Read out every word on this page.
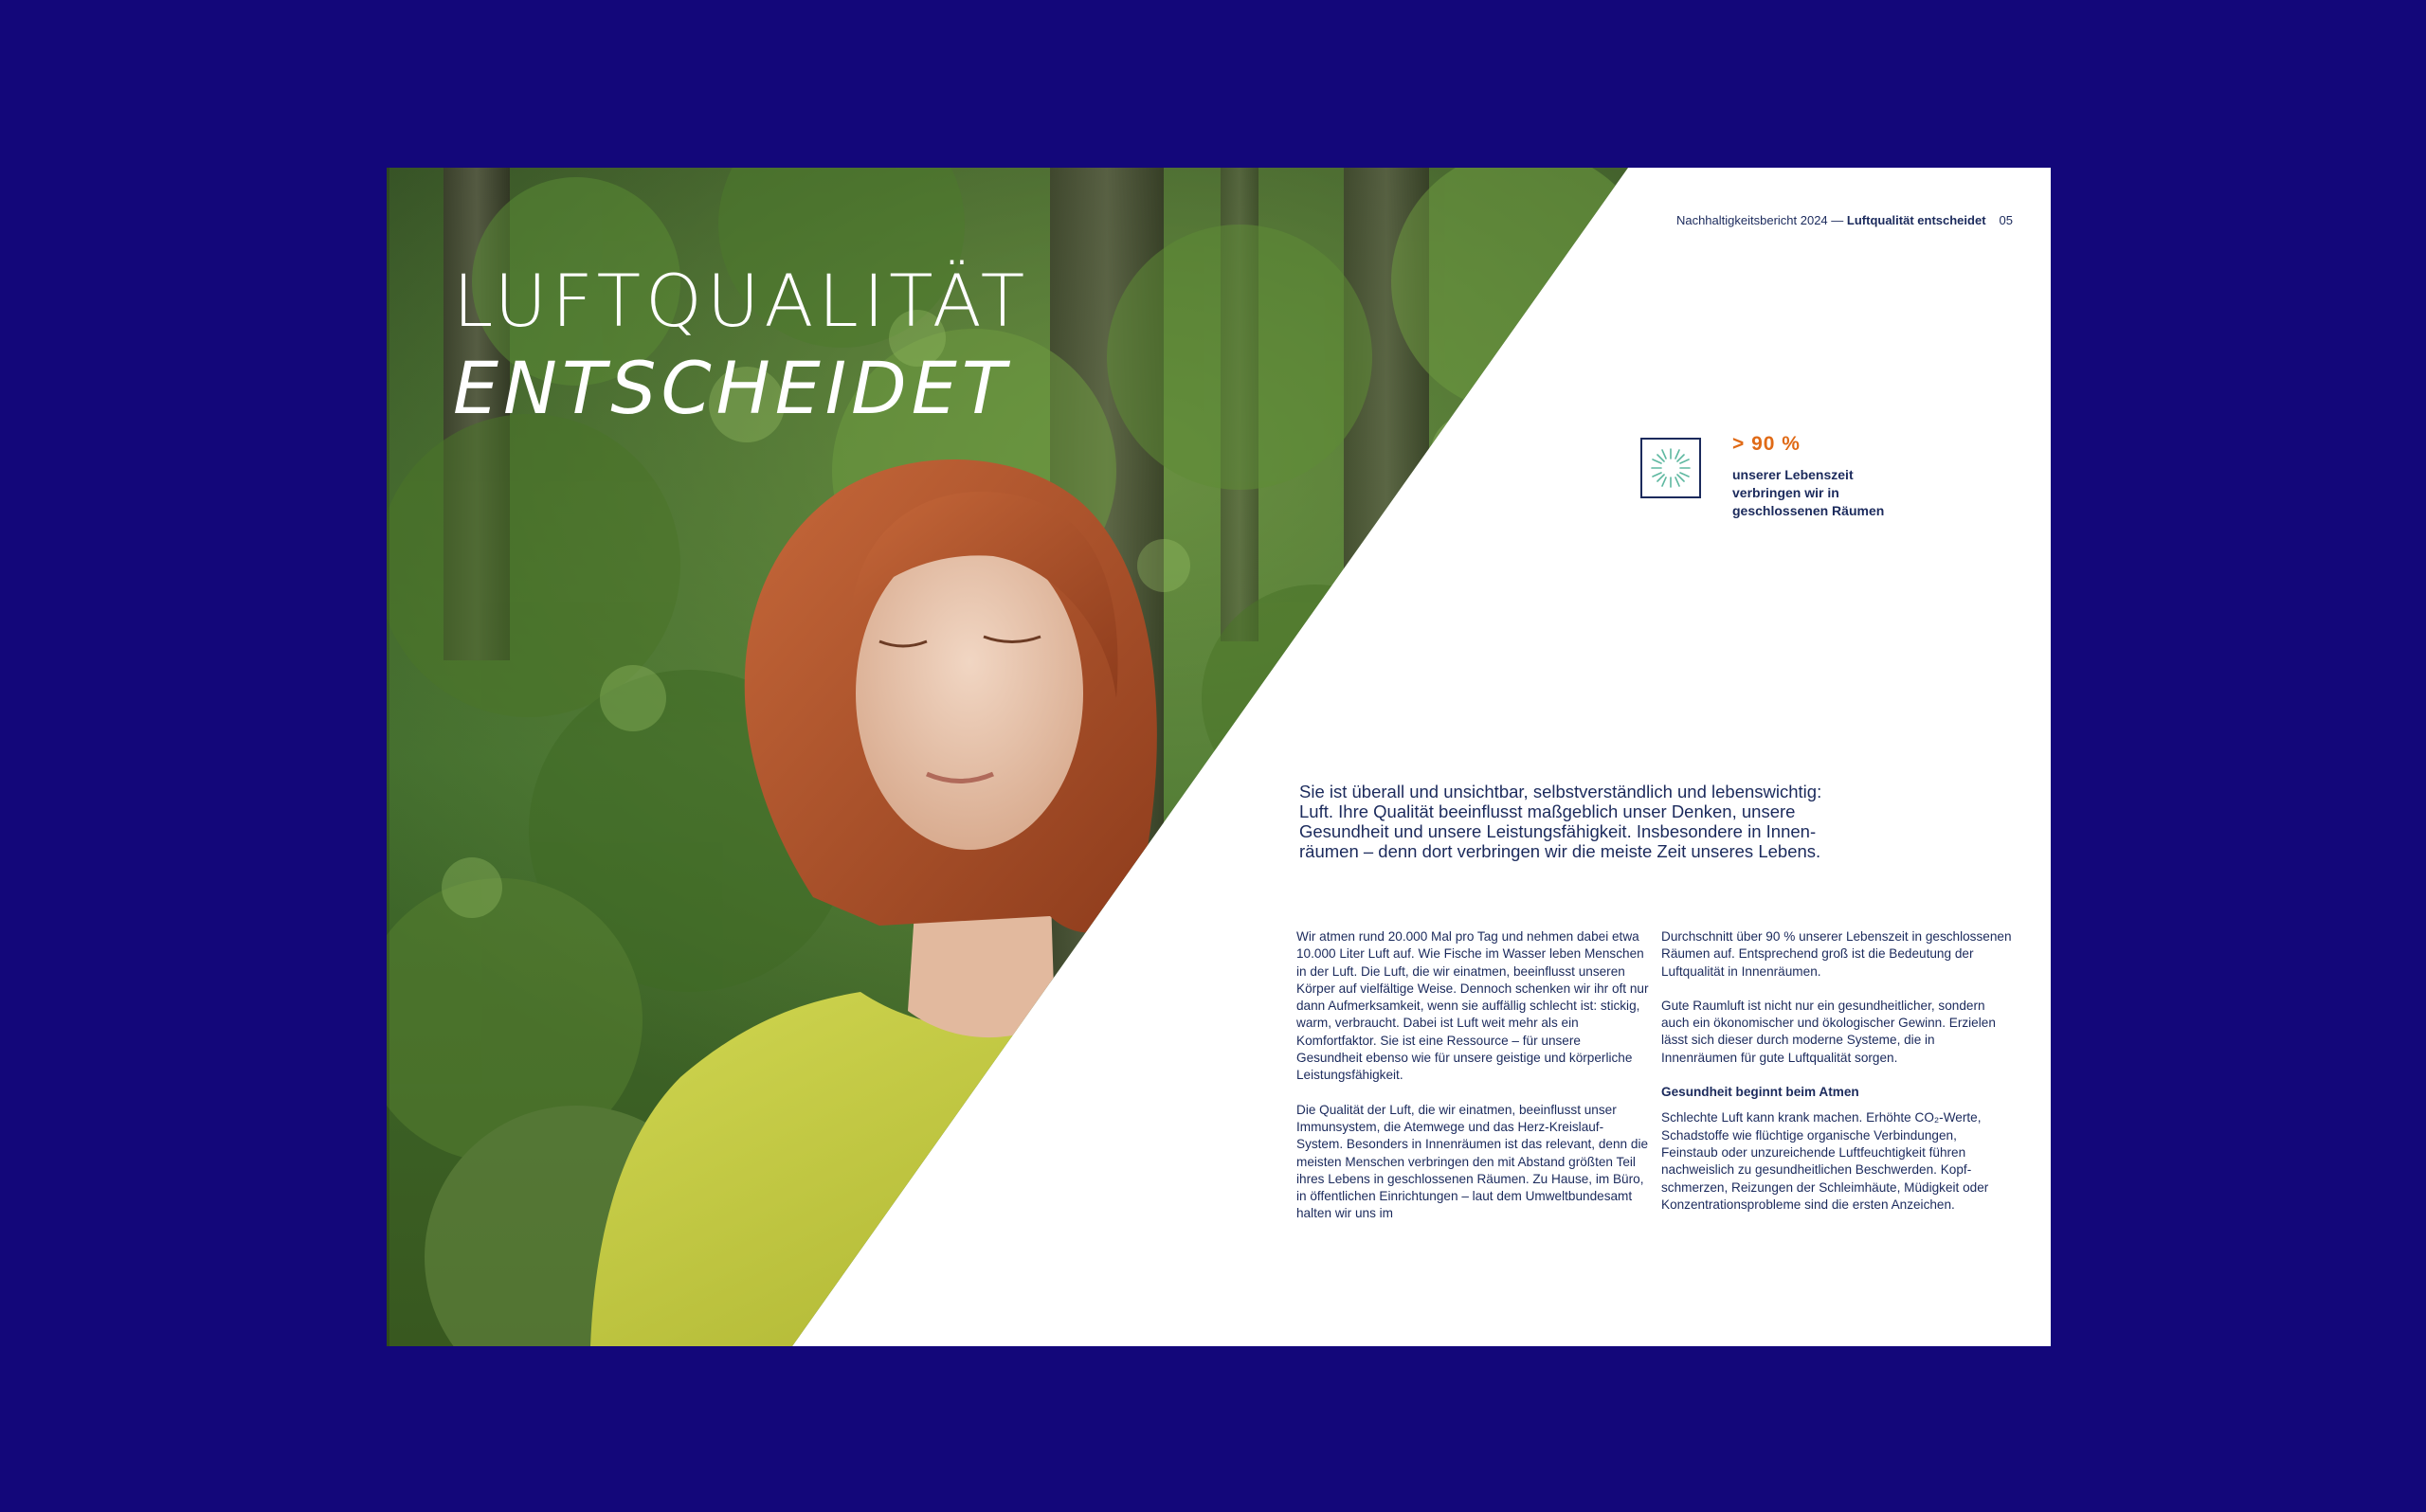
LUFTQUALITÄT
ENTSCHEIDET
Nachhaltigkeitsbericht 2024 — Luftqualität entscheidet 05
> 90 %
unserer Lebenszeit verbringen wir in geschlossenen Räumen
Sie ist überall und unsichtbar, selbstverständlich und lebenswichtig: Luft. Ihre Qualität beeinflusst maßgeblich unser Denken, unsere Gesundheit und unsere Leistungsfähigkeit. Insbesondere in Innenräumen – denn dort verbringen wir die meiste Zeit unseres Lebens.

Wir atmen rund 20.000 Mal pro Tag und nehmen dabei etwa 10.000 Liter Luft auf. Wie Fische im Wasser leben Menschen in der Luft. Die Luft, die wir einatmen, beeinflusst unseren Körper auf vielfältige Weise. Dennoch schenken wir ihr oft nur dann Aufmerksamkeit, wenn sie auffällig schlecht ist: stickig, warm, verbraucht. Dabei ist Luft weit mehr als ein Komfortfaktor. Sie ist eine Ressource – für unsere Gesundheit ebenso wie für unsere geistige und körperliche Leistungsfähigkeit.

Die Qualität der Luft, die wir einatmen, beeinflusst unser Immunsystem, die Atemwege und das Herz-Kreislauf-System. Besonders in Innenräumen ist das relevant, denn die meisten Menschen verbringen den mit Abstand größten Teil ihres Lebens in geschlossenen Räumen. Zu Hause, im Büro, in öffentlichen Einrichtungen – laut dem Umweltbundesamt halten wir uns im

Durchschnitt über 90 % unserer Lebenszeit in geschlossenen Räumen auf. Entsprechend groß ist die Bedeutung der Luftqualität in Innenräumen.

Gute Raumluft ist nicht nur ein gesundheitlicher, sondern auch ein ökonomischer und ökologischer Gewinn. Erzielen lässt sich dieser durch moderne Systeme, die in Innenräumen für gute Luftqualität sorgen.

Gesundheit beginnt beim Atmen

Schlechte Luft kann krank machen. Erhöhte CO₂-Werte, Schadstoffe wie flüchtige organische Verbindungen, Feinstaub oder unzureichende Luftfeuchtigkeit führen nachweislich zu gesundheitlichen Beschwerden. Kopfschmerzen, Reizungen der Schleimhäute, Müdigkeit oder Konzentrationsprobleme sind die ersten Anzeichen.
